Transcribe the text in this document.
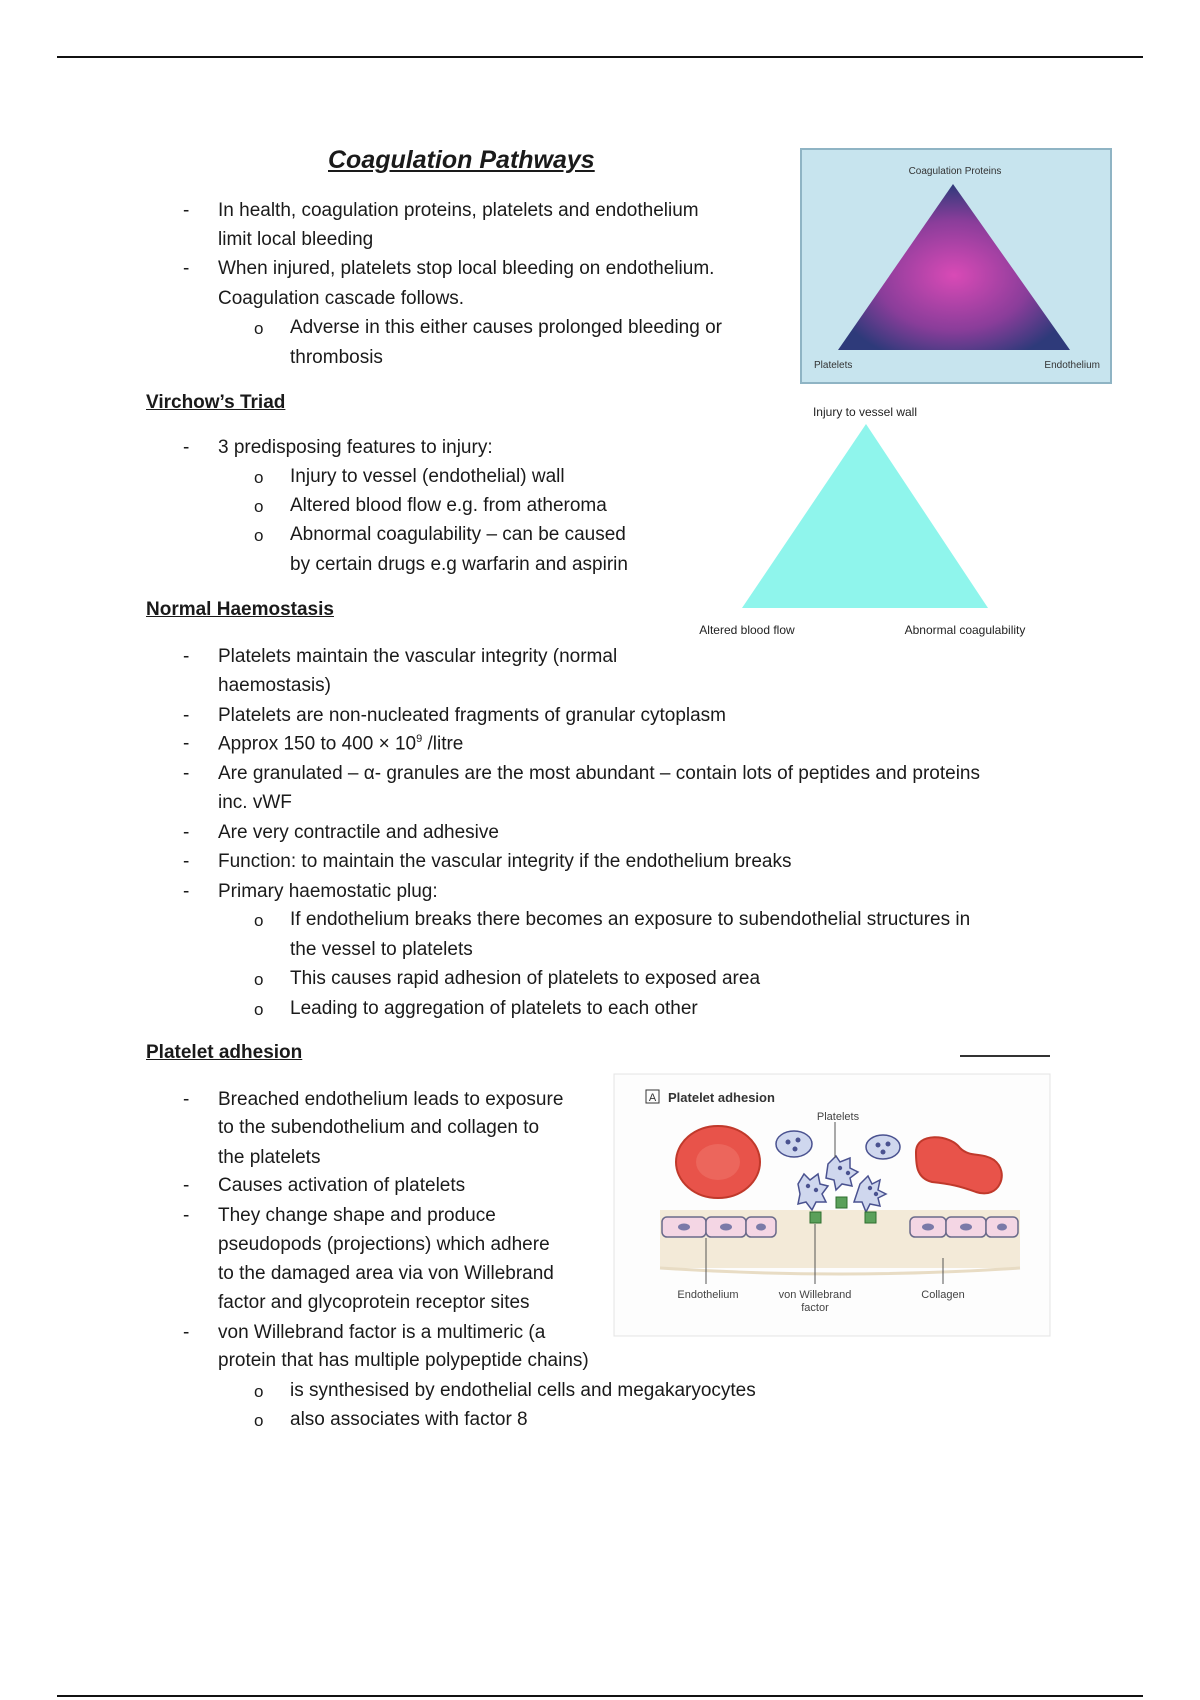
Coagulation Pathways
- In health, coagulation proteins, platelets and endothelium
limit local bleeding
- When injured, platelets stop local bleeding on endothelium.
Coagulation cascade follows.
o Adverse in this either causes prolonged bleeding or
thrombosis
Coagulation Proteins
Platelets	Endothelium
Virchow’s Triad
- 3 predisposing features to injury:
o Injury to vessel (endothelial) wall
o Altered blood flow e.g. from atheroma
o Abnormal coagulability – can be caused
by certain drugs e.g warfarin and aspirin
Injury to vessel wall
Altered blood flow	Abnormal coagulability
Normal Haemostasis
- Platelets maintain the vascular integrity (normal
haemostasis)
- Platelets are non-nucleated fragments of granular cytoplasm
- Approx 150 to $400 \times 10^9$ /litre
- Are granulated – α- granules are the most abundant – contain lots of peptides and proteins
inc. vWF
- Are very contractile and adhesive
- Function: to maintain the vascular integrity if the endothelium breaks
- Primary haemostatic plug:
o If endothelium breaks there becomes an exposure to subendothelial structures in
the vessel to platelets
o This causes rapid adhesion of platelets to exposed area
o Leading to aggregation of platelets to each other
Platelet adhesion
- Breached endothelium leads to exposure
to the subendothelium and collagen to
the platelets
- Causes activation of platelets
- They change shape and produce
pseudopods (projections) which adhere
to the damaged area via von Willebrand
factor and glycoprotein receptor sites
- von Willebrand factor is a multimeric (a
protein that has multiple polypeptide chains)
o is synthesised by endothelial cells and megakaryocytes
o also associates with factor 8
A Platelet adhesion
Platelets
Endothelium	von Willebrand
factor
Collagen
